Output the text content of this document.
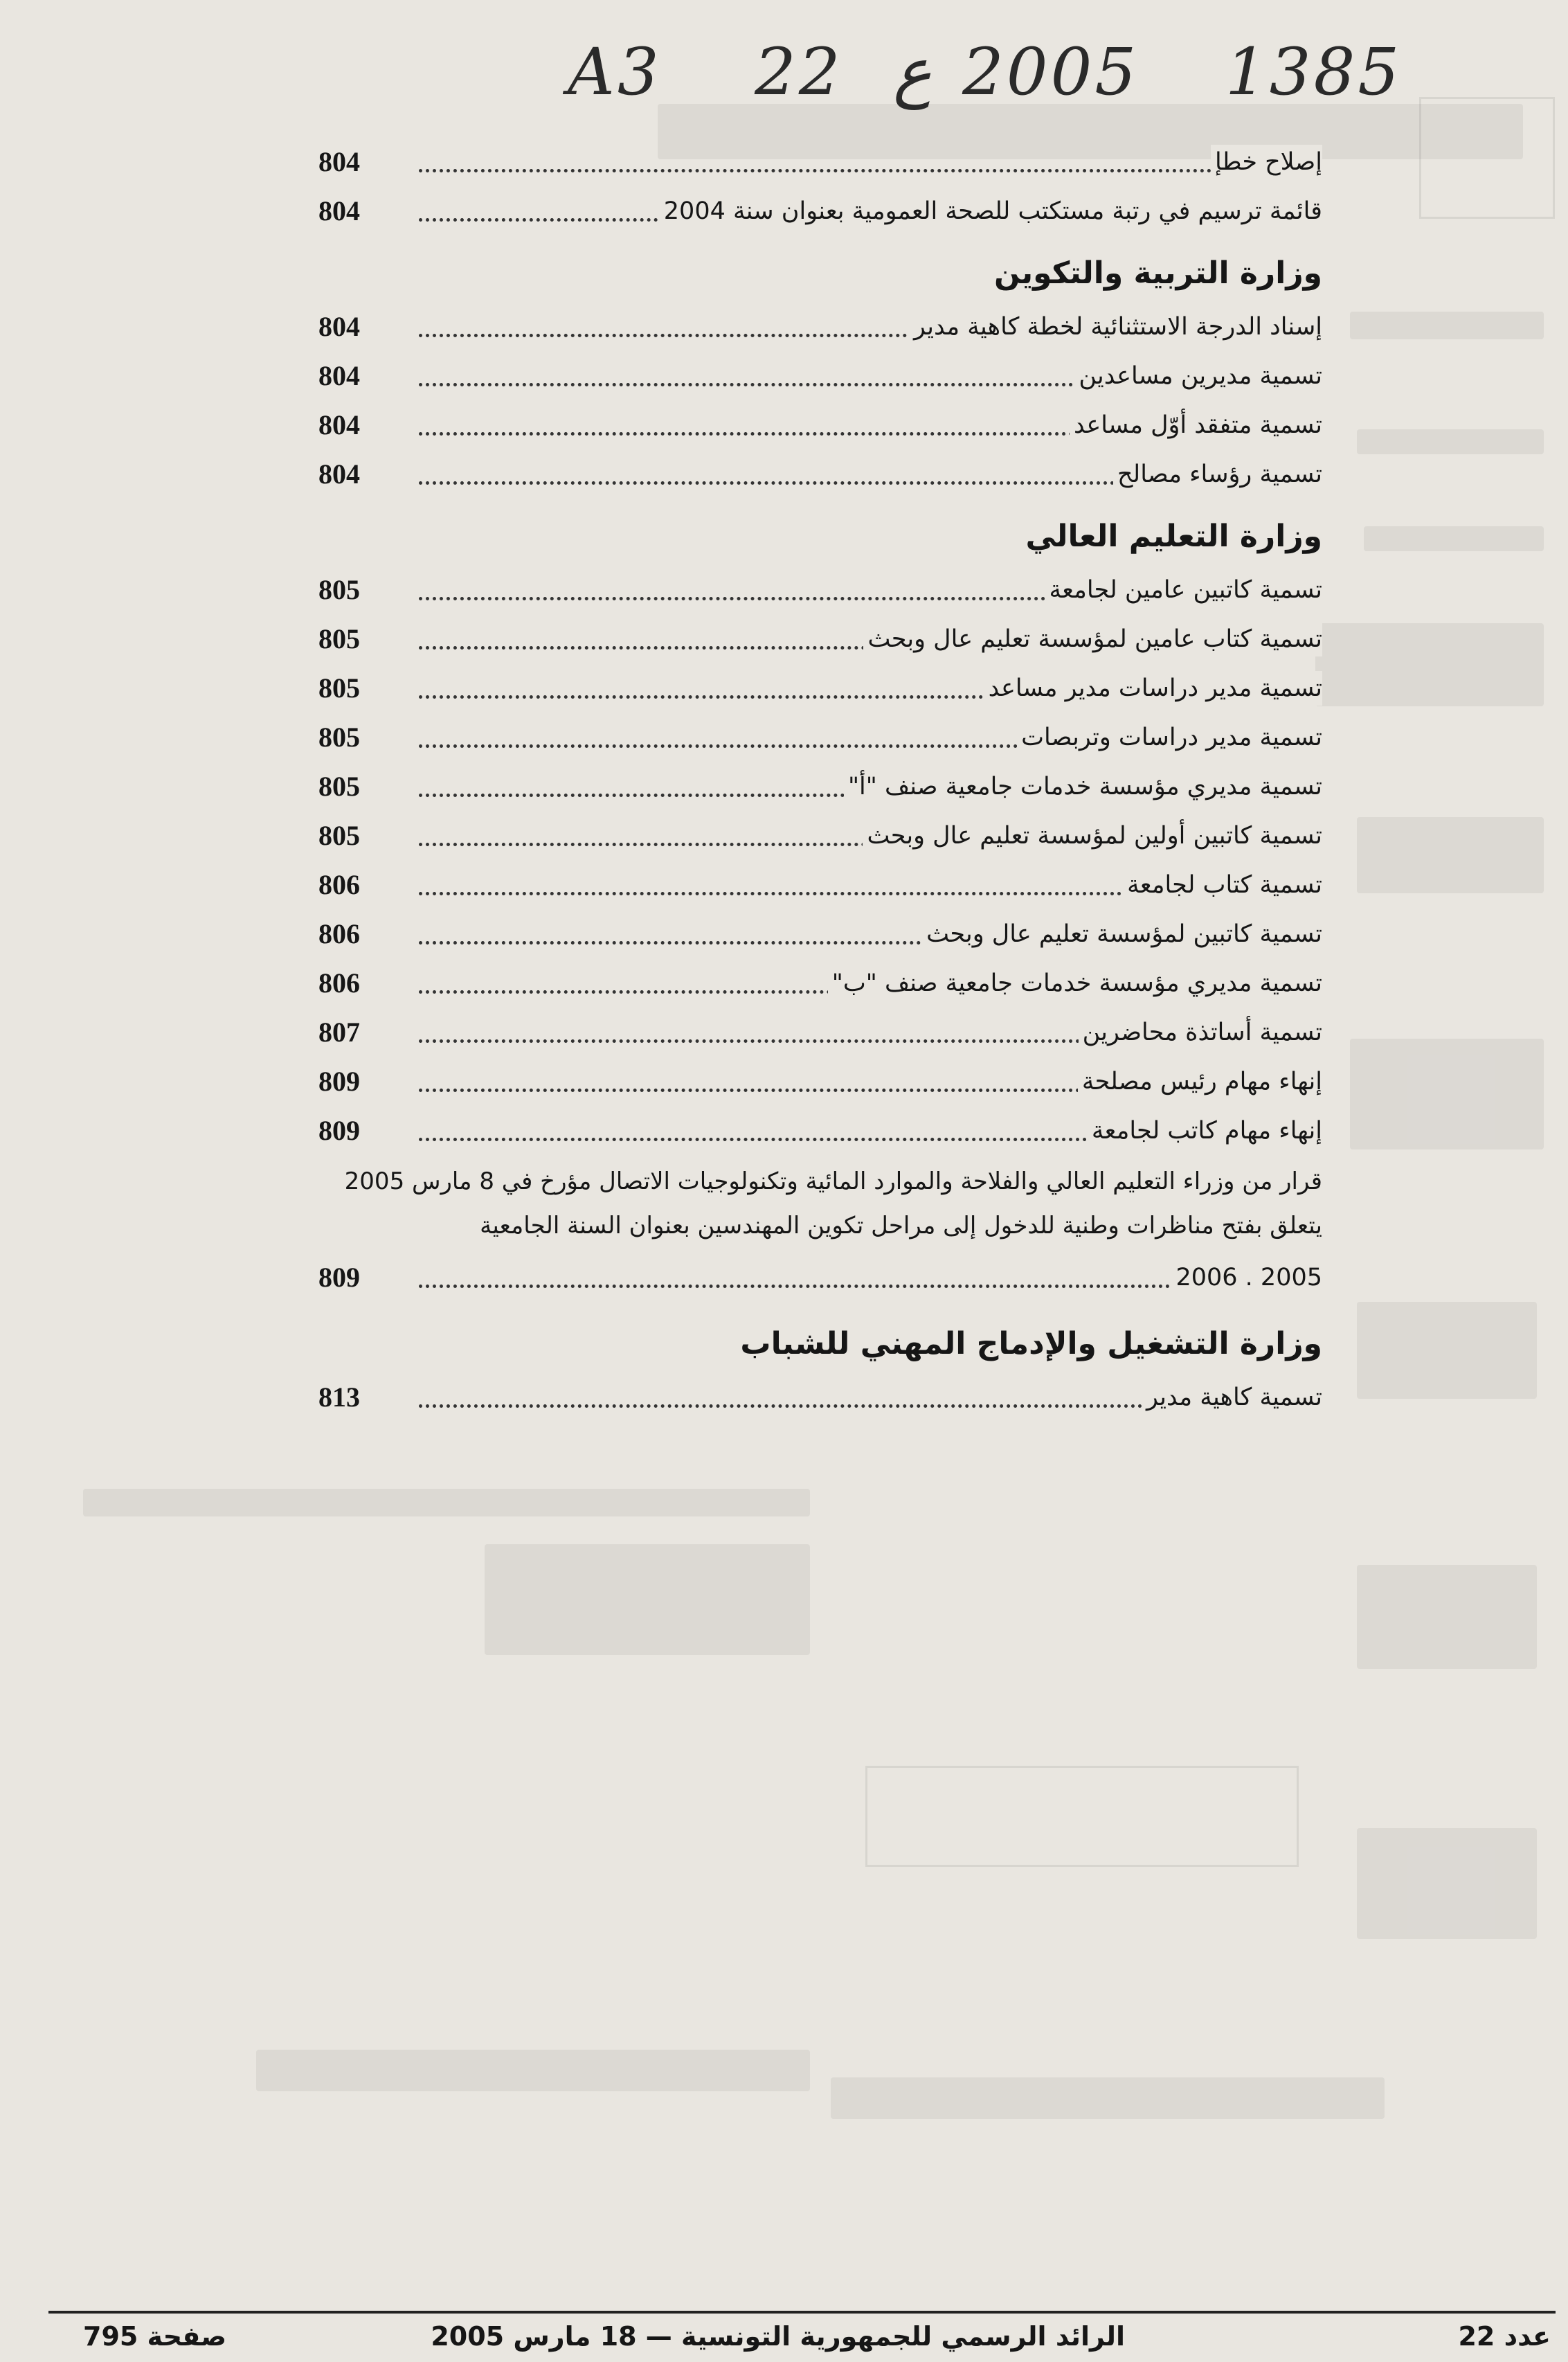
A3 22 ع 2005 1385
إصلاح خطإ
804
قائمة ترسيم في رتبة مستكتب للصحة العمومية بعنوان سنة 2004
804
وزارة التربية والتكوين
إسناد الدرجة الاستثنائية لخطة كاهية مدير
804
تسمية مديرين مساعدين
804
تسمية متفقد أوّل مساعد
804
تسمية رؤساء مصالح
804
وزارة التعليم العالي
تسمية كاتبين عامين لجامعة
805
تسمية كتاب عامين لمؤسسة تعليم عال وبحث
805
تسمية مدير دراسات مدير مساعد
805
تسمية مدير دراسات وتربصات
805
تسمية مديري مؤسسة خدمات جامعية صنف "أ"
805
تسمية كاتبين أولين لمؤسسة تعليم عال وبحث
805
تسمية كتاب لجامعة
806
تسمية كاتبين لمؤسسة تعليم عال وبحث
806
تسمية مديري مؤسسة خدمات جامعية صنف "ب"
806
تسمية أساتذة محاضرين
807
إنهاء مهام رئيس مصلحة
809
إنهاء مهام كاتب لجامعة
809
قرار من وزراء التعليم العالي والفلاحة والموارد المائية وتكنولوجيات الاتصال مؤرخ في 8 مارس 2005
يتعلق بفتح مناظرات وطنية للدخول إلى مراحل تكوين المهندسين بعنوان السنة الجامعية
2005 . 2006
809
وزارة التشغيل والإدماج المهني للشباب
تسمية كاهية مدير
813
عدد 22
الرائد الرسمي للجمهورية التونسية — 18 مارس 2005
صفحة 795
